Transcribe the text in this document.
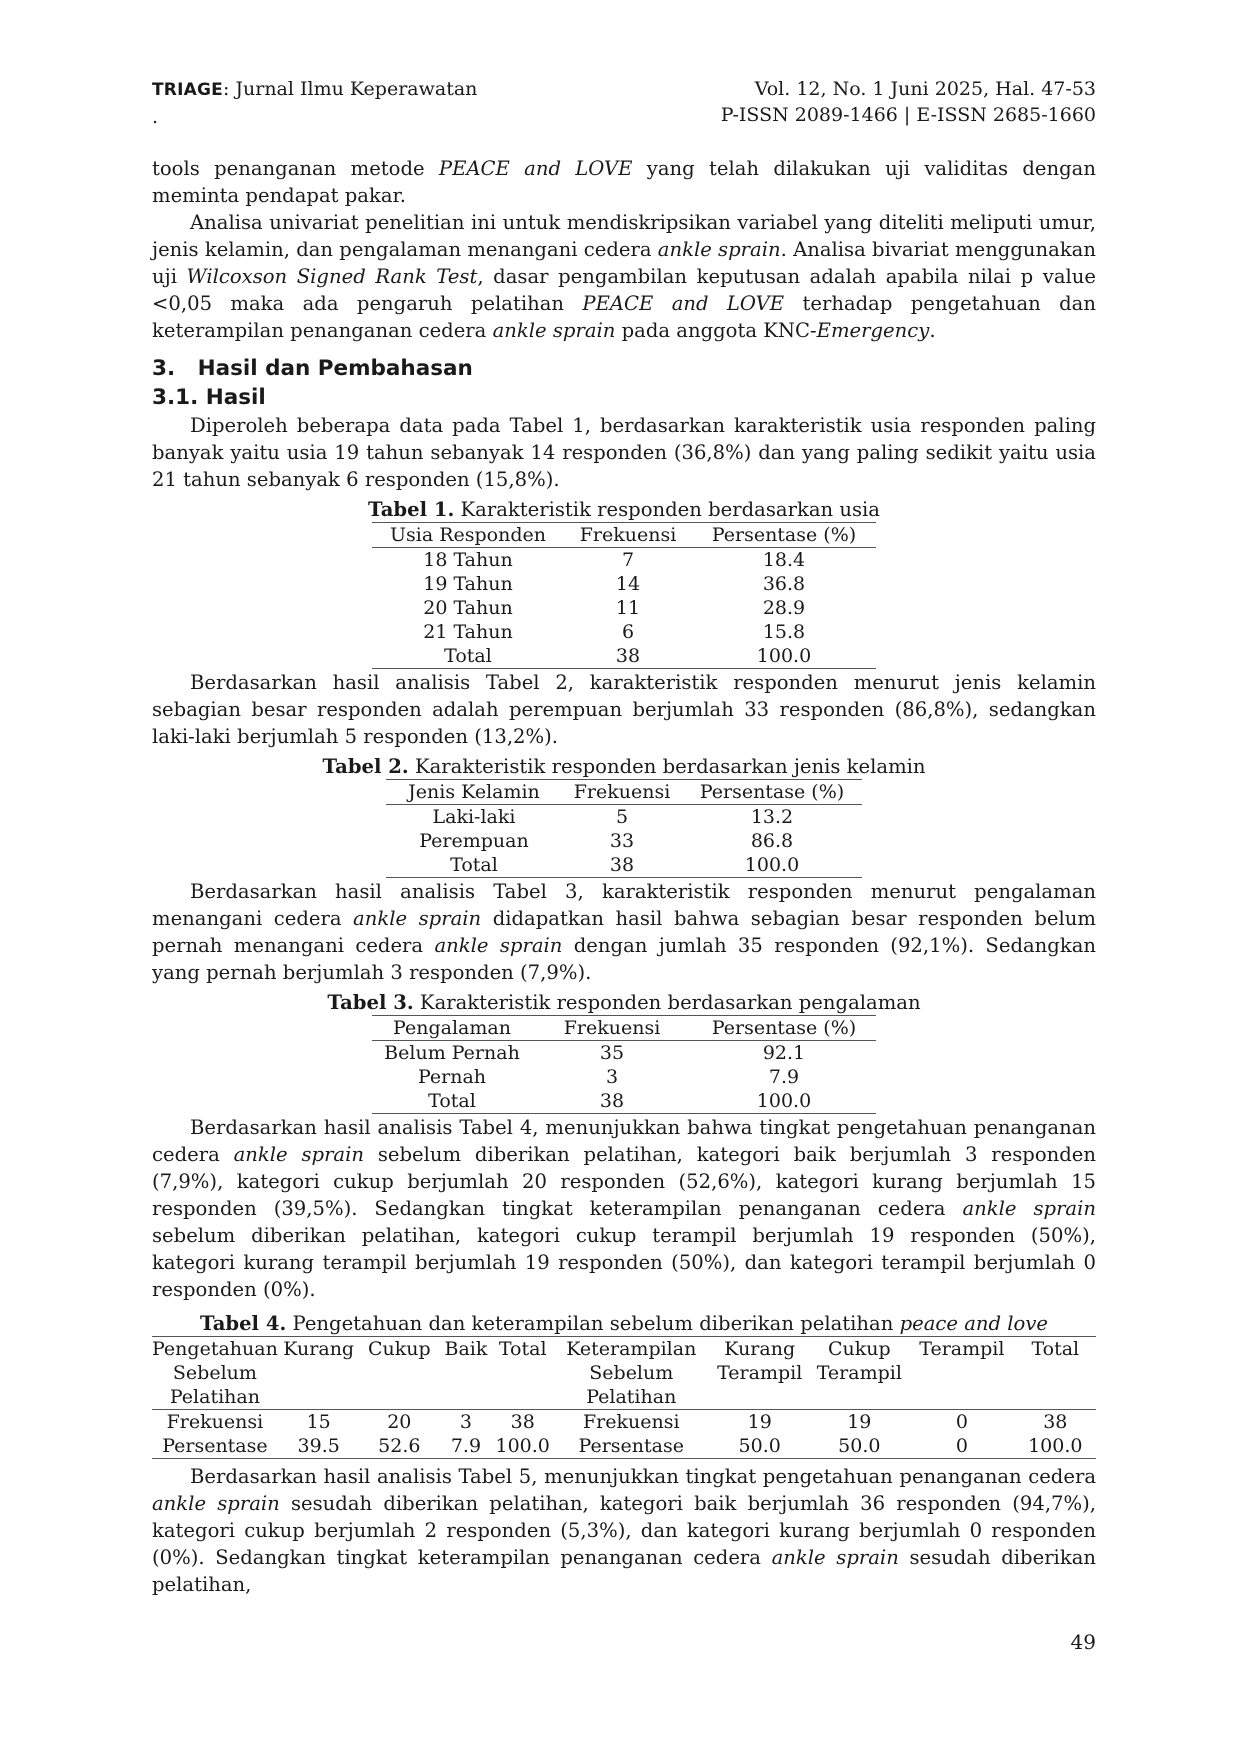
TRIAGE: Jurnal Ilmu Keperawatan
.
Vol. 12, No. 1 Juni 2025, Hal. 47-53
P-ISSN 2089-1466 | E-ISSN 2685-1660

tools penanganan metode PEACE and LOVE yang telah dilakukan uji validitas dengan meminta pendapat pakar.

Analisa univariat penelitian ini untuk mendiskripsikan variabel yang diteliti meliputi umur, jenis kelamin, dan pengalaman menangani cedera ankle sprain. Analisa bivariat menggunakan uji Wilcoxson Signed Rank Test, dasar pengambilan keputusan adalah apabila nilai p value <0,05 maka ada pengaruh pelatihan PEACE and LOVE terhadap pengetahuan dan keterampilan penanganan cedera ankle sprain pada anggota KNC-Emergency.

3.   Hasil dan Pembahasan
3.1. Hasil

Diperoleh beberapa data pada Tabel 1, berdasarkan karakteristik usia responden paling banyak yaitu usia 19 tahun sebanyak 14 responden (36,8%) dan yang paling sedikit yaitu usia 21 tahun sebanyak 6 responden (15,8%).

Tabel 1. Karakteristik responden berdasarkan usia
Usia Responden	Frekuensi	Persentase (%)
18 Tahun	7	18.4
19 Tahun	14	36.8
20 Tahun	11	28.9
21 Tahun	6	15.8
Total	38	100.0

Berdasarkan hasil analisis Tabel 2, karakteristik responden menurut jenis kelamin sebagian besar responden adalah perempuan berjumlah 33 responden (86,8%), sedangkan laki-laki berjumlah 5 responden (13,2%).

Tabel 2. Karakteristik responden berdasarkan jenis kelamin
Jenis Kelamin	Frekuensi	Persentase (%)
Laki-laki	5	13.2
Perempuan	33	86.8
Total	38	100.0

Berdasarkan hasil analisis Tabel 3, karakteristik responden menurut pengalaman menangani cedera ankle sprain didapatkan hasil bahwa sebagian besar responden belum pernah menangani cedera ankle sprain dengan jumlah 35 responden (92,1%). Sedangkan yang pernah berjumlah 3 responden (7,9%).

Tabel 3. Karakteristik responden berdasarkan pengalaman
Pengalaman	Frekuensi	Persentase (%)
Belum Pernah	35	92.1
Pernah	3	7.9
Total	38	100.0

Berdasarkan hasil analisis Tabel 4, menunjukkan bahwa tingkat pengetahuan penanganan cedera ankle sprain sebelum diberikan pelatihan, kategori baik berjumlah 3 responden (7,9%), kategori cukup berjumlah 20 responden (52,6%), kategori kurang berjumlah 15 responden (39,5%). Sedangkan tingkat keterampilan penanganan cedera ankle sprain sebelum diberikan pelatihan, kategori cukup terampil berjumlah 19 responden (50%), kategori kurang terampil berjumlah 19 responden (50%), dan kategori terampil berjumlah 0 responden (0%).

Tabel 4. Pengetahuan dan keterampilan sebelum diberikan pelatihan peace and love
Pengetahuan Sebelum Pelatihan	Kurang	Cukup	Baik	Total	Keterampilan Sebelum Pelatihan	Kurang Terampil	Cukup Terampil	Terampil	Total
Frekuensi	15	20	3	38	Frekuensi	19	19	0	38
Persentase	39.5	52.6	7.9	100.0	Persentase	50.0	50.0	0	100.0

Berdasarkan hasil analisis Tabel 5, menunjukkan tingkat pengetahuan penanganan cedera ankle sprain sesudah diberikan pelatihan, kategori baik berjumlah 36 responden (94,7%), kategori cukup berjumlah 2 responden (5,3%), dan kategori kurang berjumlah 0 responden (0%). Sedangkan tingkat keterampilan penanganan cedera ankle sprain sesudah diberikan pelatihan,

49
